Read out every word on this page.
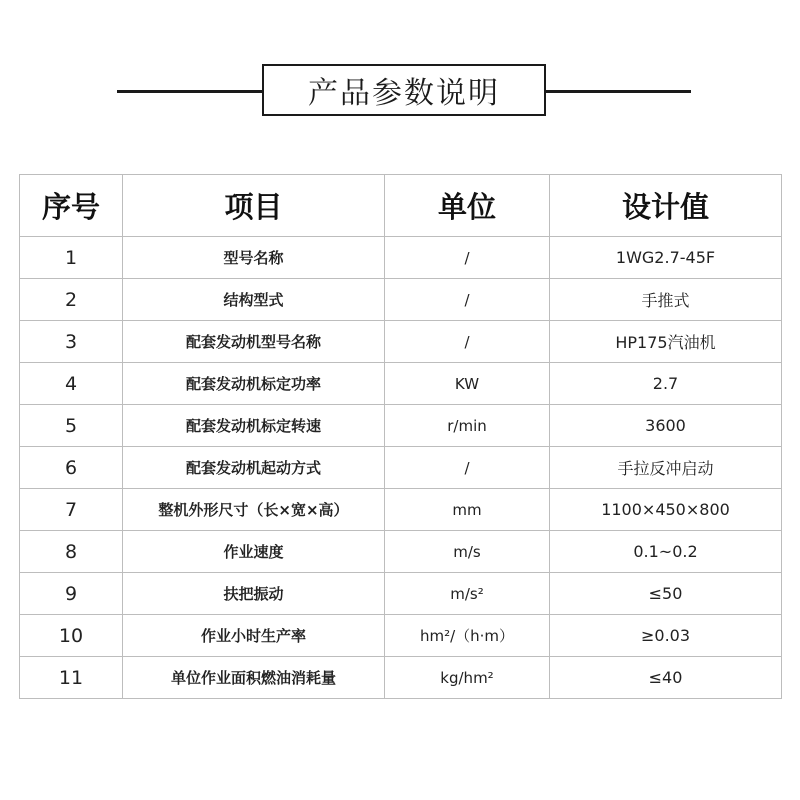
产品参数说明
序号	项目	单位	设计值
1	型号名称	/	1WG2.7-45F
2	结构型式	/	手推式
3	配套发动机型号名称	/	HP175汽油机
4	配套发动机标定功率	KW	2.7
5	配套发动机标定转速	r/min	3600
6	配套发动机起动方式	/	手拉反冲启动
7	整机外形尺寸（长×宽×高）	mm	1100×450×800
8	作业速度	m/s	0.1~0.2
9	扶把振动	m/s²	≤50
10	作业小时生产率	hm²/（h·m）	≥0.03
11	单位作业面积燃油消耗量	kg/hm²	≤40
